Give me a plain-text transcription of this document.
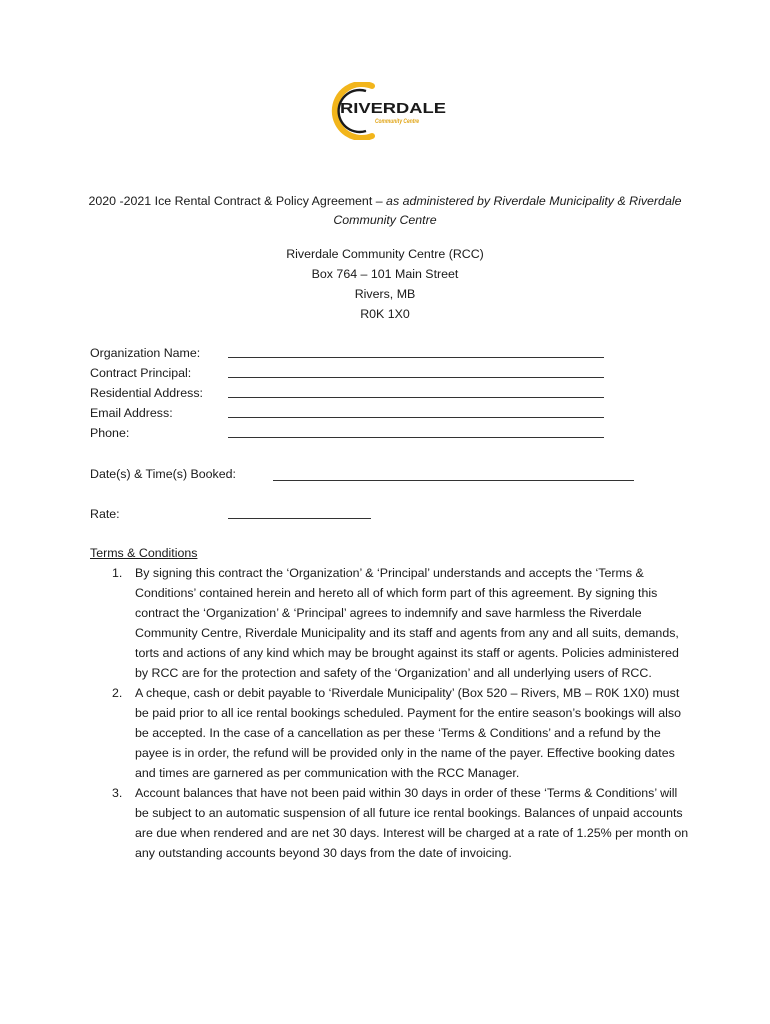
RIVERDALE
Community Centre
2020 -2021 Ice Rental Contract & Policy Agreement – as administered by Riverdale Municipality & Riverdale Community Centre
Riverdale Community Centre (RCC)
Box 764 – 101 Main Street
Rivers, MB
R0K 1X0
Organization Name:
Contract Principal:
Residential Address:
Email Address:
Phone:
Date(s) & Time(s) Booked:
Rate:
Terms & Conditions
1. By signing this contract the ‘Organization’ & ‘Principal’ understands and accepts the ‘Terms & Conditions’ contained herein and hereto all of which form part of this agreement. By signing this contract the ‘Organization’ & ‘Principal’ agrees to indemnify and save harmless the Riverdale Community Centre, Riverdale Municipality and its staff and agents from any and all suits, demands, torts and actions of any kind which may be brought against its staff or agents. Policies administered by RCC are for the protection and safety of the ‘Organization’ and all underlying users of RCC.
2. A cheque, cash or debit payable to ‘Riverdale Municipality’ (Box 520 – Rivers, MB – R0K 1X0) must be paid prior to all ice rental bookings scheduled. Payment for the entire season’s bookings will also be accepted. In the case of a cancellation as per these ‘Terms & Conditions’ and a refund by the payee is in order, the refund will be provided only in the name of the payer. Effective booking dates and times are garnered as per communication with the RCC Manager.
3. Account balances that have not been paid within 30 days in order of these ‘Terms & Conditions’ will be subject to an automatic suspension of all future ice rental bookings. Balances of unpaid accounts are due when rendered and are net 30 days. Interest will be charged at a rate of 1.25% per month on any outstanding accounts beyond 30 days from the date of invoicing.
